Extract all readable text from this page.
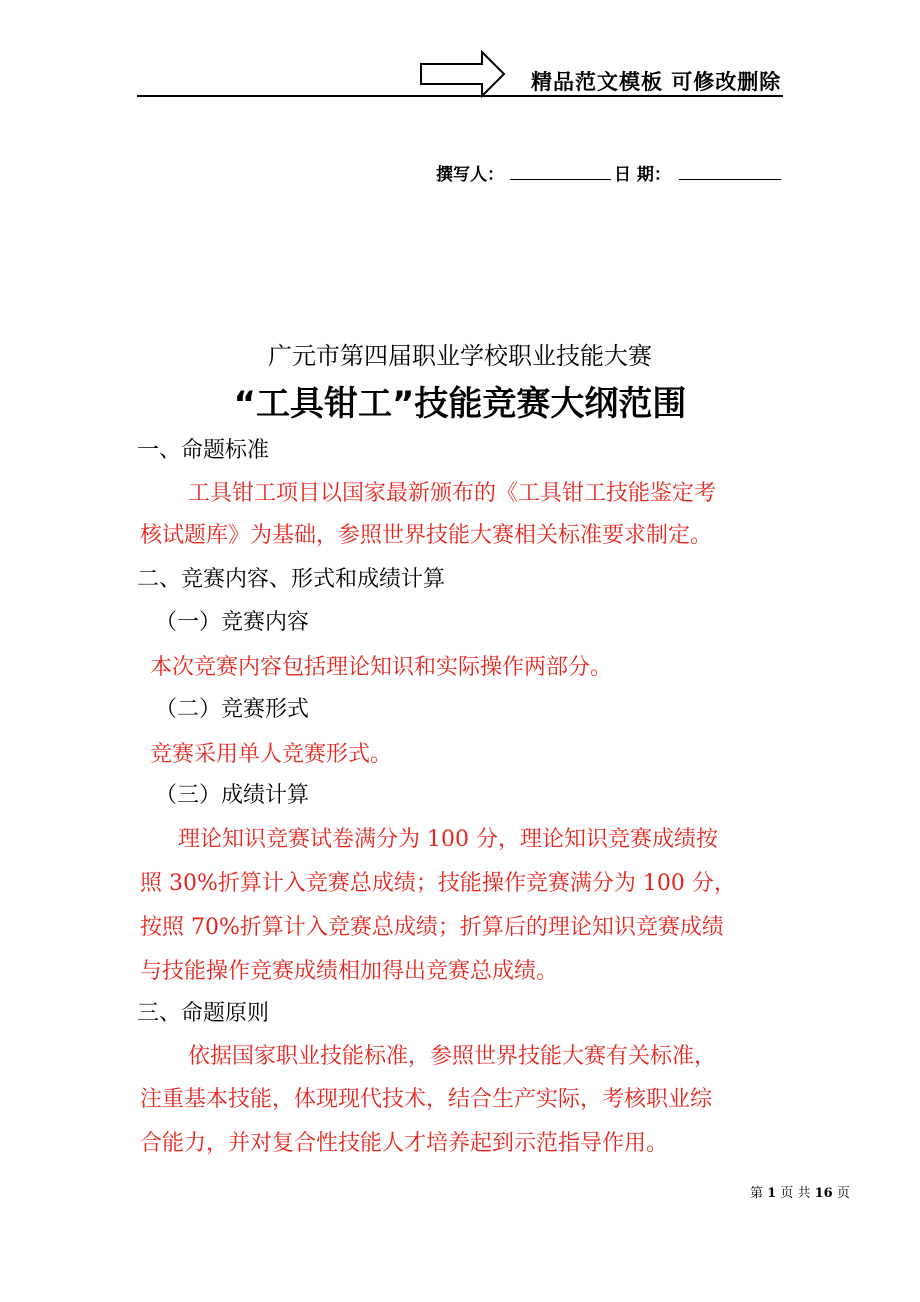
精品范文模板 可修改删除
撰写人：	日 期：
广元市第四届职业学校职业技能大赛
“工具钳工”技能竞赛大纲范围
一、命题标准
工具钳工项目以国家最新颁布的《工具钳工技能鉴定考
核试题库》为基础，参照世界技能大赛相关标准要求制定。
二、竞赛内容、形式和成绩计算
（一）竞赛内容
本次竞赛内容包括理论知识和实际操作两部分。
（二）竞赛形式
竞赛采用单人竞赛形式。
（三）成绩计算
理论知识竞赛试卷满分为 100 分，理论知识竞赛成绩按
照 30%折算计入竞赛总成绩；技能操作竞赛满分为 100 分，
按照 70%折算计入竞赛总成绩；折算后的理论知识竞赛成绩
与技能操作竞赛成绩相加得出竞赛总成绩。
三、命题原则
依据国家职业技能标准，参照世界技能大赛有关标准，
注重基本技能，体现现代技术，结合生产实际，考核职业综
合能力，并对复合性技能人才培养起到示范指导作用。
第 1 页 共 16 页
